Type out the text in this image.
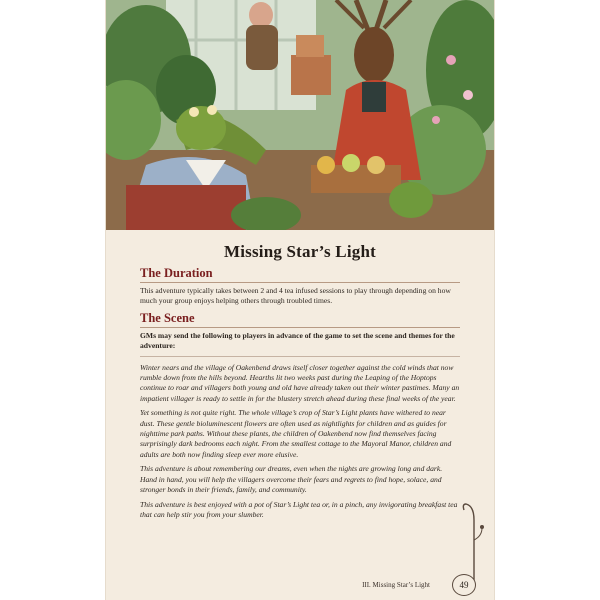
Missing Star’s Light
The Duration

This adventure typically takes between 2 and 4 tea infused sessions to play through depending on how much your group enjoys helping others through troubled times.

The Scene

GMs may send the following to players in advance of the game to set the scene and themes for the adventure:

Winter nears and the village of Oakenbend draws itself closer together against the cold winds that now rumble down from the hills beyond. Hearths lit two weeks past during the Leaping of the Hoptops continue to roar and villagers both young and old have already taken out their winter pastimes. Many an impatient villager is ready to settle in for the blustery stretch ahead during these final weeks of the year.

Yet something is not quite right. The whole village’s crop of Star’s Light plants have withered to near dust. These gentle bioluminescent flowers are often used as nightlights for children and as guides for nighttime park paths. Without these plants, the children of Oakenbend now find themselves facing surprisingly dark bedrooms each night. From the smallest cottage to the Mayoral Manor, children and adults are both now finding sleep ever more elusive.

This adventure is about remembering our dreams, even when the nights are growing long and dark. Hand in hand, you will help the villagers overcome their fears and regrets to find hope, solace, and stronger bonds in their friends, family, and community.

This adventure is best enjoyed with a pot of Star’s Light tea or, in a pinch, any invigorating breakfast tea that can help stir you from your slumber.

III. Missing Star’s Light	49
